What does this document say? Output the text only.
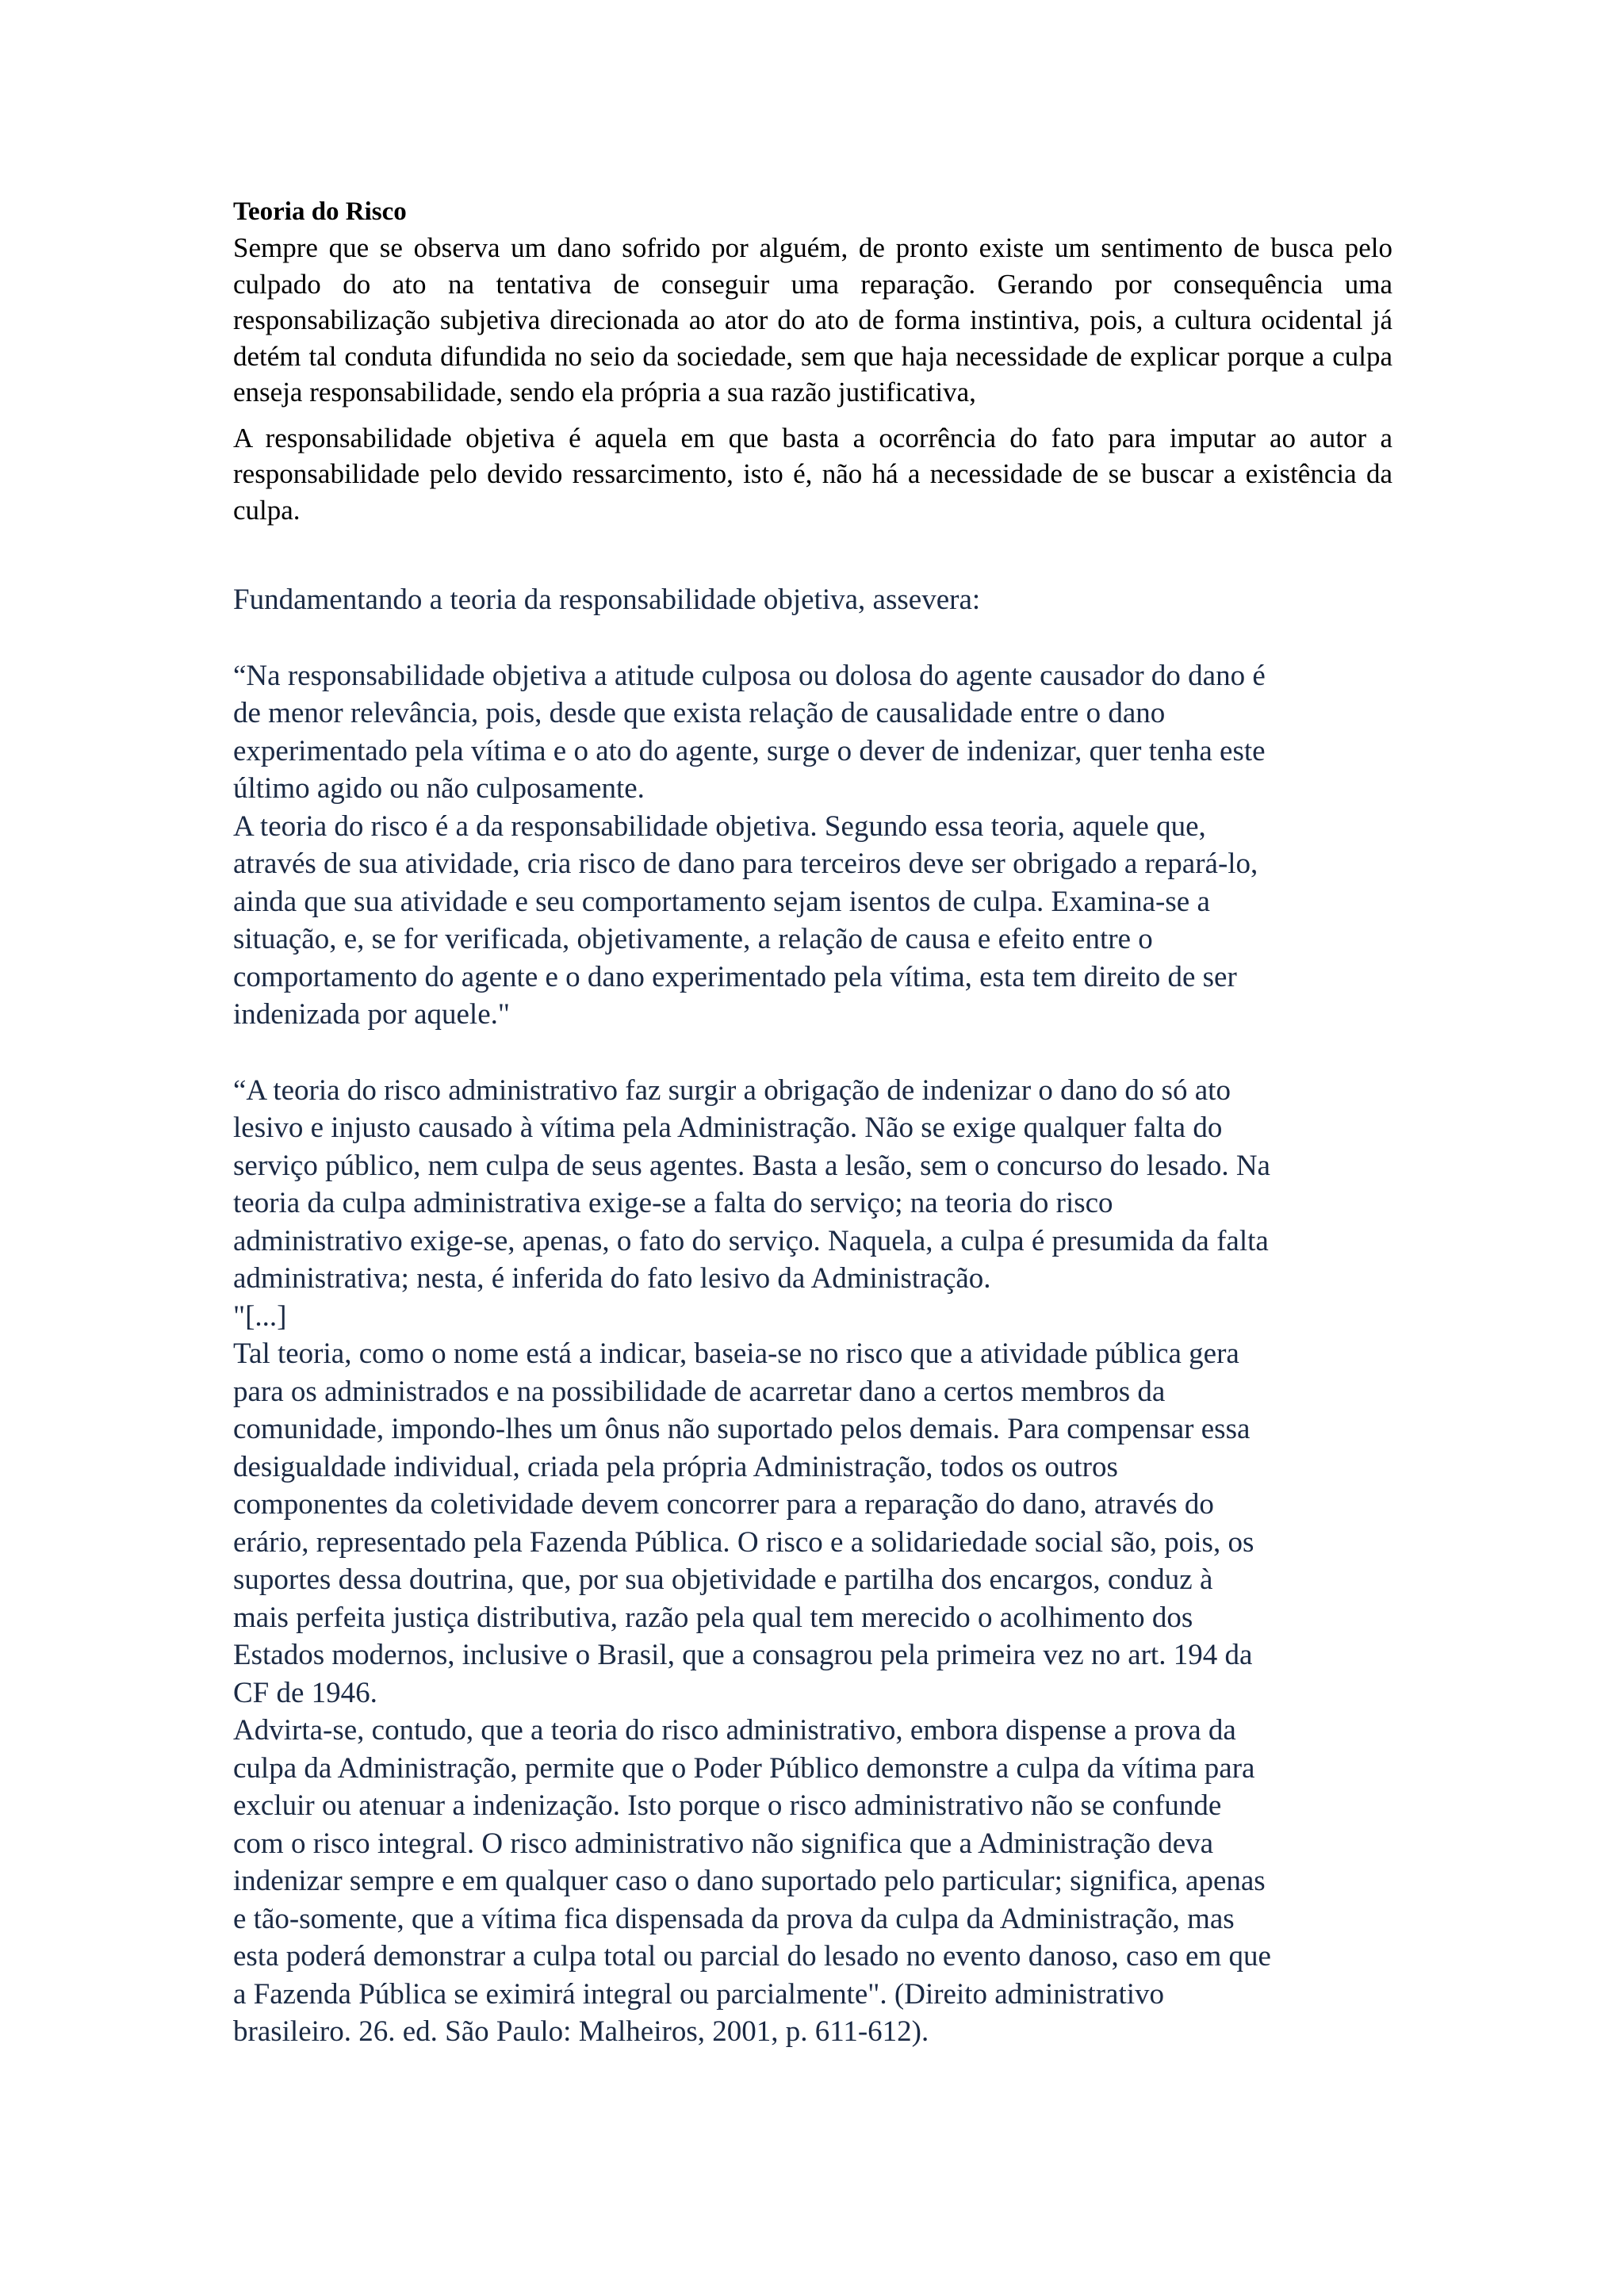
Teoria do Risco

Sempre que se observa um dano sofrido por alguém, de pronto existe um sentimento de busca pelo culpado do ato na tentativa de conseguir uma reparação. Gerando por consequência uma responsabilização subjetiva direcionada ao ator do ato de forma instintiva, pois, a cultura ocidental já detém tal conduta difundida no seio da sociedade, sem que haja necessidade de explicar porque a culpa enseja responsabilidade, sendo ela própria a sua razão justificativa,

A responsabilidade objetiva é aquela em que basta a ocorrência do fato para imputar ao autor a responsabilidade pelo devido ressarcimento, isto é, não há a necessidade de se buscar a existência da culpa.

Fundamentando a teoria da responsabilidade objetiva, assevera:

“Na responsabilidade objetiva a atitude culposa ou dolosa do agente causador do dano é
de menor relevância, pois, desde que exista relação de causalidade entre o dano
experimentado pela vítima e o ato do agente, surge o dever de indenizar, quer tenha este
último agido ou não culposamente.
A teoria do risco é a da responsabilidade objetiva. Segundo essa teoria, aquele que,
através de sua atividade, cria risco de dano para terceiros deve ser obrigado a repará-lo,
ainda que sua atividade e seu comportamento sejam isentos de culpa. Examina-se a
situação, e, se for verificada, objetivamente, a relação de causa e efeito entre o
comportamento do agente e o dano experimentado pela vítima, esta tem direito de ser
indenizada por aquele."
“A teoria do risco administrativo faz surgir a obrigação de indenizar o dano do só ato
lesivo e injusto causado à vítima pela Administração. Não se exige qualquer falta do
serviço público, nem culpa de seus agentes. Basta a lesão, sem o concurso do lesado. Na
teoria da culpa administrativa exige-se a falta do serviço; na teoria do risco
administrativo exige-se, apenas, o fato do serviço. Naquela, a culpa é presumida da falta
administrativa; nesta, é inferida do fato lesivo da Administração.
"[...]
Tal teoria, como o nome está a indicar, baseia-se no risco que a atividade pública gera
para os administrados e na possibilidade de acarretar dano a certos membros da
comunidade, impondo-lhes um ônus não suportado pelos demais. Para compensar essa
desigualdade individual, criada pela própria Administração, todos os outros
componentes da coletividade devem concorrer para a reparação do dano, através do
erário, representado pela Fazenda Pública. O risco e a solidariedade social são, pois, os
suportes dessa doutrina, que, por sua objetividade e partilha dos encargos, conduz à
mais perfeita justiça distributiva, razão pela qual tem merecido o acolhimento dos
Estados modernos, inclusive o Brasil, que a consagrou pela primeira vez no art. 194 da
CF de 1946.
Advirta-se, contudo, que a teoria do risco administrativo, embora dispense a prova da
culpa da Administração, permite que o Poder Público demonstre a culpa da vítima para
excluir ou atenuar a indenização. Isto porque o risco administrativo não se confunde
com o risco integral. O risco administrativo não significa que a Administração deva
indenizar sempre e em qualquer caso o dano suportado pelo particular; significa, apenas
e tão-somente, que a vítima fica dispensada da prova da culpa da Administração, mas
esta poderá demonstrar a culpa total ou parcial do lesado no evento danoso, caso em que
a Fazenda Pública se eximirá integral ou parcialmente". (Direito administrativo
brasileiro. 26. ed. São Paulo: Malheiros, 2001, p. 611-612).
